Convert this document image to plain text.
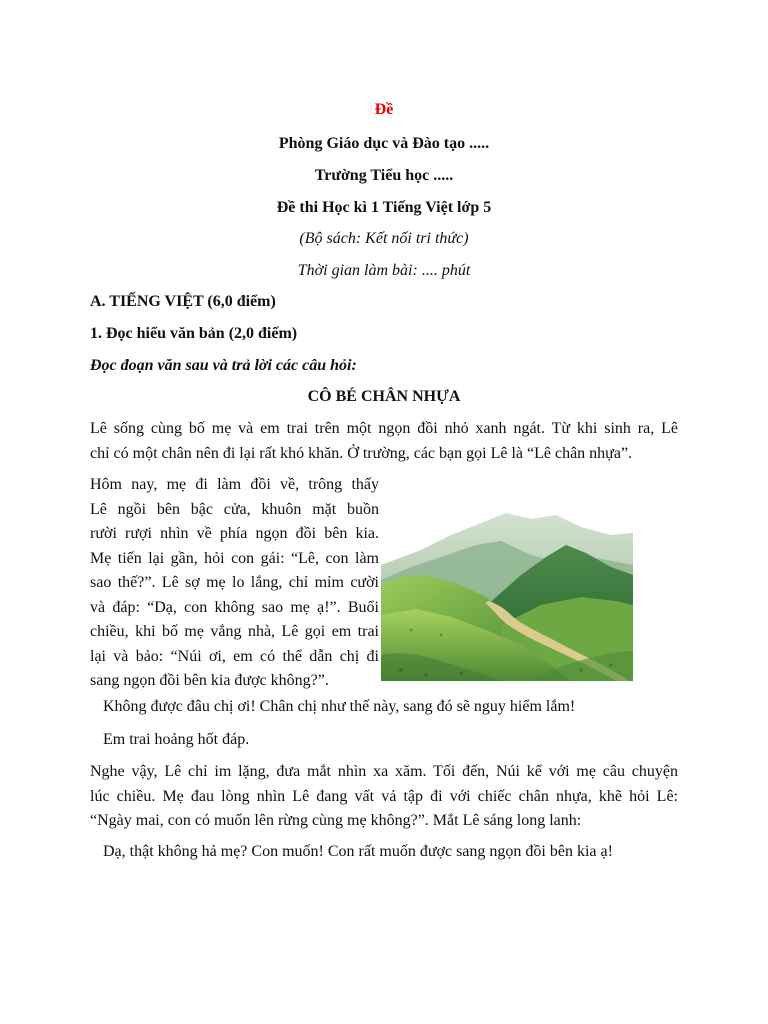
Đề
Phòng Giáo dục và Đào tạo .....
Trường Tiểu học .....
Đề thi Học kì 1 Tiếng Việt lớp 5
(Bộ sách: Kết nối tri thức)
Thời gian làm bài: .... phút
A. TIẾNG VIỆT (6,0 điểm)
1. Đọc hiểu văn bản (2,0 điểm)
Đọc đoạn văn sau và trả lời các câu hỏi:
CÔ BÉ CHÂN NHỰA
Lê sống cùng bố mẹ và em trai trên một ngọn đồi nhỏ xanh ngát. Từ khi sinh ra, Lê
chỉ có một chân nên đi lại rất khó khăn. Ở trường, các bạn gọi Lê là “Lê chân nhựa”.
Hôm nay, mẹ đi làm đồi về, trông thấy
Lê ngồi bên bậc cửa, khuôn mặt buồn
rười rượi nhìn về phía ngọn đồi bên kia.
Mẹ tiến lại gần, hỏi con gái: “Lê, con làm
sao thế?”. Lê sợ mẹ lo lắng, chỉ mỉm cười
và đáp: “Dạ, con không sao mẹ ạ!”. Buổi
chiều, khi bố mẹ vắng nhà, Lê gọi em trai
lại và bảo: “Núi ơi, em có thể dẫn chị đi
sang ngọn đồi bên kia được không?”.
Không được đâu chị ơi! Chân chị như thế này, sang đó sẽ nguy hiểm lắm!
Em trai hoảng hốt đáp.
Nghe vậy, Lê chỉ im lặng, đưa mắt nhìn xa xăm. Tối đến, Núi kể với mẹ câu chuyện
lúc chiều. Mẹ đau lòng nhìn Lê đang vất vả tập đi với chiếc chân nhựa, khẽ hỏi Lê:
“Ngày mai, con có muốn lên rừng cùng mẹ không?”. Mắt Lê sáng long lanh:
Dạ, thật không hả mẹ? Con muốn! Con rất muốn được sang ngọn đồi bên kia ạ!
